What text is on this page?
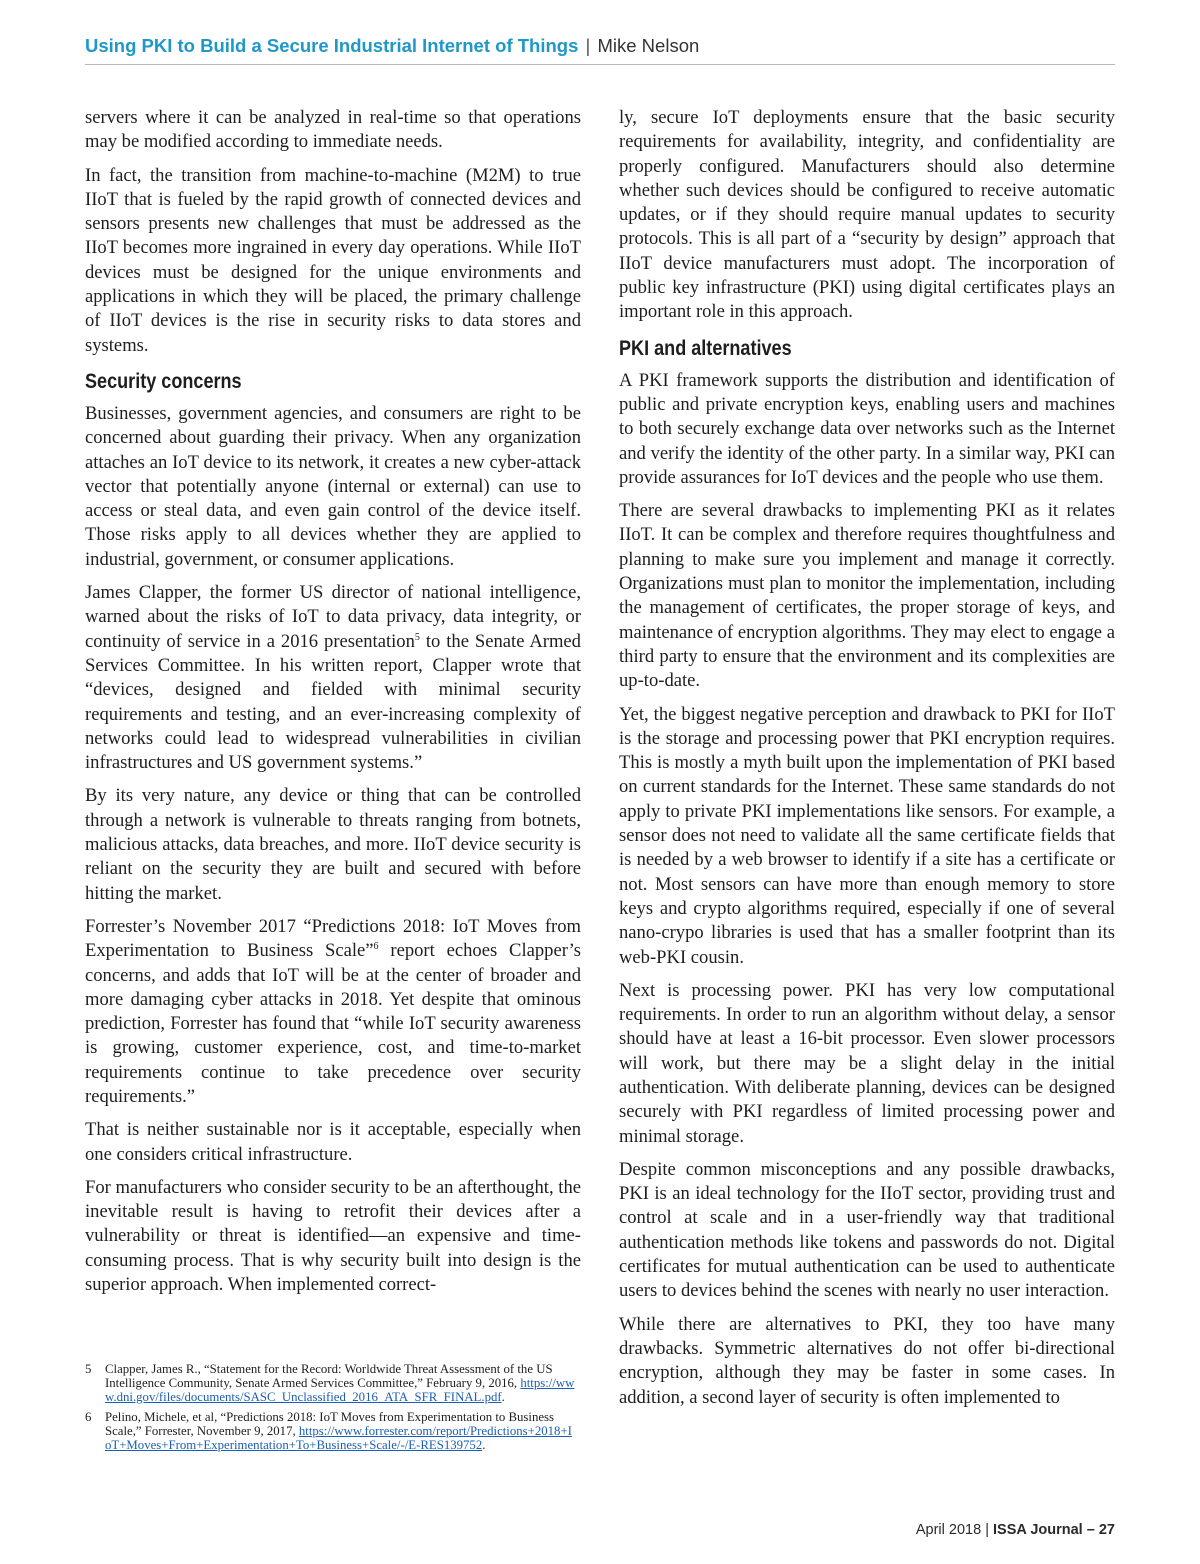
Using PKI to Build a Secure Industrial Internet of Things | Mike Nelson

servers where it can be analyzed in real-time so that operations may be modified according to immediate needs.

In fact, the transition from machine-to-machine (M2M) to true IIoT that is fueled by the rapid growth of connected devices and sensors presents new challenges that must be addressed as the IIoT becomes more ingrained in every day operations. While IIoT devices must be designed for the unique environments and applications in which they will be placed, the primary challenge of IIoT devices is the rise in security risks to data stores and systems.

Security concerns

Businesses, government agencies, and consumers are right to be concerned about guarding their privacy. When any organization attaches an IoT device to its network, it creates a new cyber-attack vector that potentially anyone (internal or external) can use to access or steal data, and even gain control of the device itself. Those risks apply to all devices whether they are applied to industrial, government, or consumer applications.

James Clapper, the former US director of national intelligence, warned about the risks of IoT to data privacy, data integrity, or continuity of service in a 2016 presentation$^5$ to the Senate Armed Services Committee. In his written report, Clapper wrote that “devices, designed and fielded with minimal security requirements and testing, and an ever-increasing complexity of networks could lead to widespread vulnerabilities in civilian infrastructures and US government systems.”

By its very nature, any device or thing that can be controlled through a network is vulnerable to threats ranging from botnets, malicious attacks, data breaches, and more. IIoT device security is reliant on the security they are built and secured with before hitting the market.

Forrester’s November 2017 “Predictions 2018: IoT Moves from Experimentation to Business Scale”$^6$ report echoes Clapper’s concerns, and adds that IoT will be at the center of broader and more damaging cyber attacks in 2018. Yet despite that ominous prediction, Forrester has found that “while IoT security awareness is growing, customer experience, cost, and time-to-market requirements continue to take precedence over security requirements.”

That is neither sustainable nor is it acceptable, especially when one considers critical infrastructure.

For manufacturers who consider security to be an afterthought, the inevitable result is having to retrofit their devices after a vulnerability or threat is identified—an expensive and time-consuming process. That is why security built into design is the superior approach. When implemented correct-

ly, secure IoT deployments ensure that the basic security requirements for availability, integrity, and confidentiality are properly configured. Manufacturers should also determine whether such devices should be configured to receive automatic updates, or if they should require manual updates to security protocols. This is all part of a “security by design” approach that IIoT device manufacturers must adopt. The incorporation of public key infrastructure (PKI) using digital certificates plays an important role in this approach.

PKI and alternatives

A PKI framework supports the distribution and identification of public and private encryption keys, enabling users and machines to both securely exchange data over networks such as the Internet and verify the identity of the other party. In a similar way, PKI can provide assurances for IoT devices and the people who use them.

There are several drawbacks to implementing PKI as it relates IIoT. It can be complex and therefore requires thoughtfulness and planning to make sure you implement and manage it correctly. Organizations must plan to monitor the implementation, including the management of certificates, the proper storage of keys, and maintenance of encryption algorithms. They may elect to engage a third party to ensure that the environment and its complexities are up-to-date.

Yet, the biggest negative perception and drawback to PKI for IIoT is the storage and processing power that PKI encryption requires. This is mostly a myth built upon the implementation of PKI based on current standards for the Internet. These same standards do not apply to private PKI implementations like sensors. For example, a sensor does not need to validate all the same certificate fields that is needed by a web browser to identify if a site has a certificate or not. Most sensors can have more than enough memory to store keys and crypto algorithms required, especially if one of several nano-crypo libraries is used that has a smaller footprint than its web-PKI cousin.

Next is processing power. PKI has very low computational requirements. In order to run an algorithm without delay, a sensor should have at least a 16-bit processor. Even slower processors will work, but there may be a slight delay in the initial authentication. With deliberate planning, devices can be designed securely with PKI regardless of limited processing power and minimal storage.

Despite common misconceptions and any possible drawbacks, PKI is an ideal technology for the IIoT sector, providing trust and control at scale and in a user-friendly way that traditional authentication methods like tokens and passwords do not. Digital certificates for mutual authentication can be used to authenticate users to devices behind the scenes with nearly no user interaction.

While there are alternatives to PKI, they too have many drawbacks. Symmetric alternatives do not offer bi-directional encryption, although they may be faster in some cases. In addition, a second layer of security is often implemented to

5	Clapper, James R., “Statement for the Record: Worldwide Threat Assessment of the US Intelligence Community, Senate Armed Services Committee,” February 9, 2016, https://www.dni.gov/files/documents/SASC_Unclassified_2016_ATA_SFR_FINAL.pdf.
6	Pelino, Michele, et al, “Predictions 2018: IoT Moves from Experimentation to Business Scale,” Forrester, November 9, 2017, https://www.forrester.com/report/Predictions+2018+IoT+Moves+From+Experimentation+To+Business+Scale/-/E-RES139752.
April 2018 | ISSA Journal – 27
